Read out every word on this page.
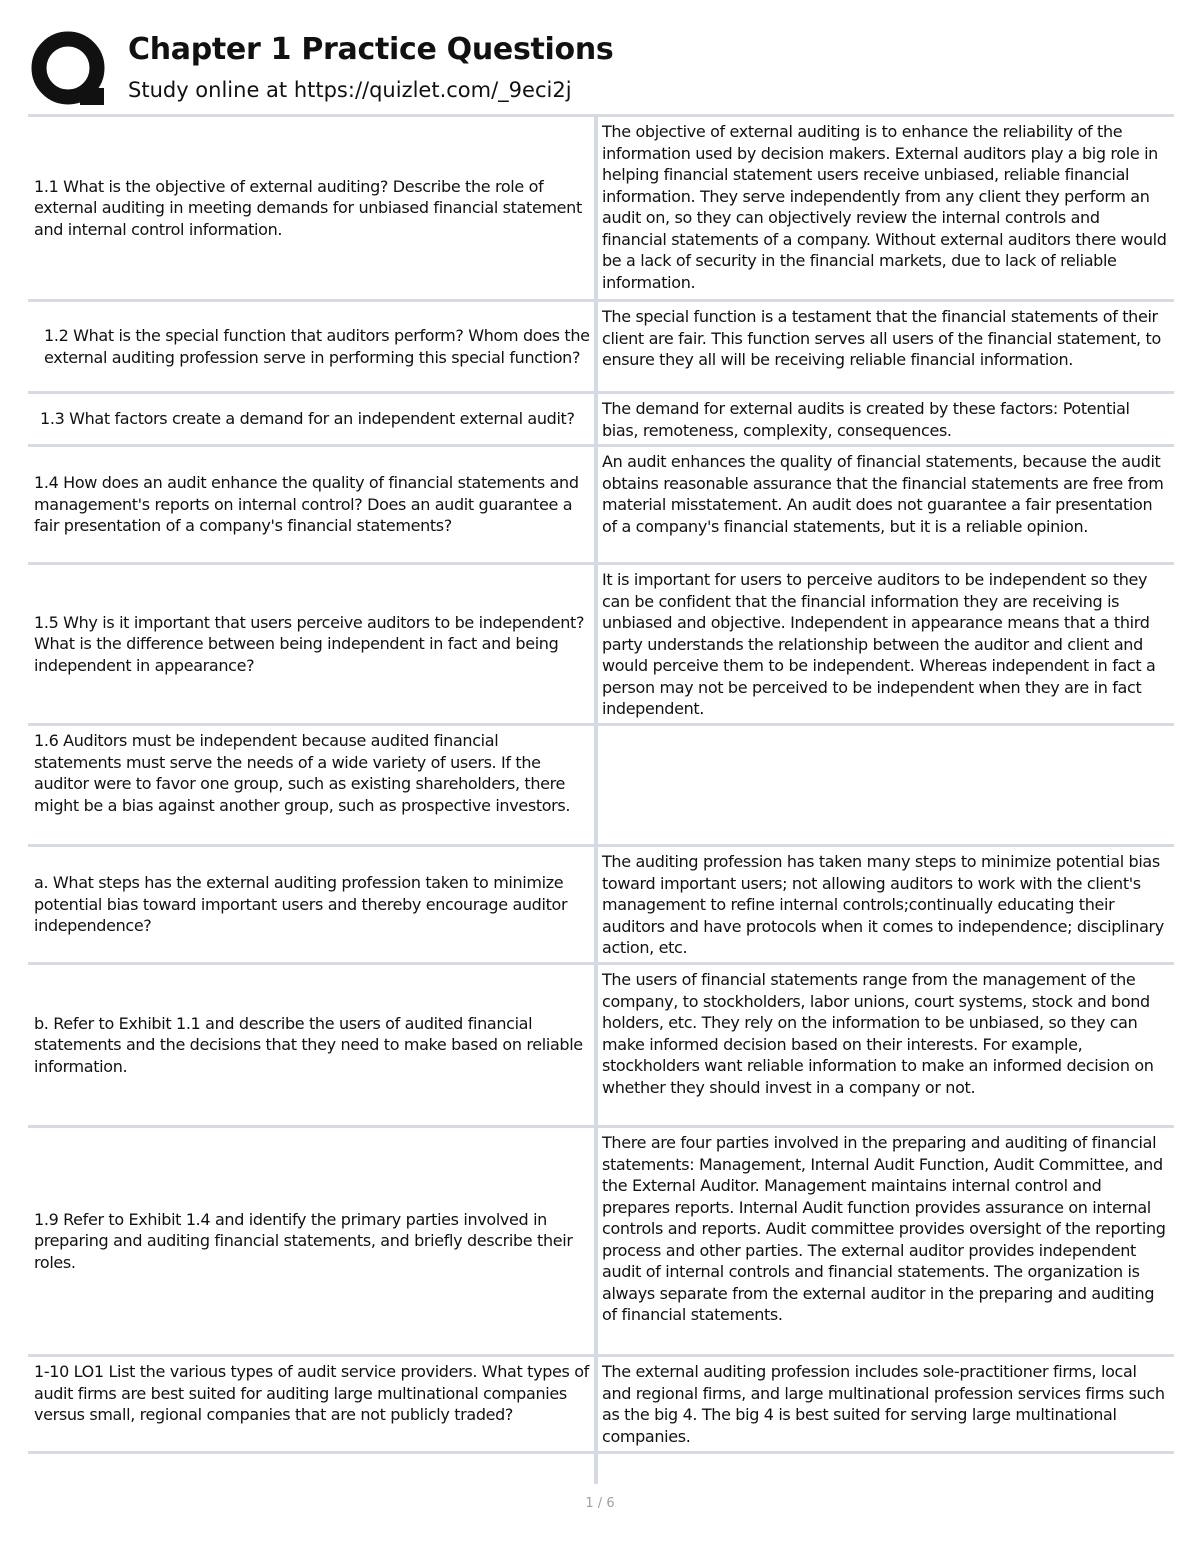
Chapter 1 Practice Questions
Study online at https://quizlet.com/_9eci2j
1.1 What is the objective of external auditing? Describe the role of external auditing in meeting demands for unbiased financial statement and internal control information.
The objective of external auditing is to enhance the reliability of the information used by decision makers. External auditors play a big role in helping financial statement users receive unbiased, reliable financial information. They serve independently from any client they perform an audit on, so they can objectively review the internal controls and financial statements of a company. Without external auditors there would be a lack of security in the financial markets, due to lack of reliable information.
1.2 What is the special function that auditors perform? Whom does the external auditing profession serve in performing this special function?
The special function is a testament that the financial statements of their client are fair. This function serves all users of the financial statement, to ensure they all will be receiving reliable financial information.
1.3 What factors create a demand for an independent external audit?
The demand for external audits is created by these factors: Potential bias, remoteness, complexity, consequences.
1.4 How does an audit enhance the quality of financial statements and management's reports on internal control? Does an audit guarantee a fair presentation of a company's financial statements?
An audit enhances the quality of financial statements, because the audit obtains reasonable assurance that the financial statements are free from material misstatement. An audit does not guarantee a fair presentation of a company's financial statements, but it is a reliable opinion.
1.5 Why is it important that users perceive auditors to be independent? What is the difference between being independent in fact and being independent in appearance?
It is important for users to perceive auditors to be independent so they can be confident that the financial information they are receiving is unbiased and objective. Independent in appearance means that a third party understands the relationship between the auditor and client and would perceive them to be independent. Whereas independent in fact a person may not be perceived to be independent when they are in fact independent.
1.6 Auditors must be independent because audited financial statements must serve the needs of a wide variety of users. If the auditor were to favor one group, such as existing shareholders, there might be a bias against another group, such as prospective investors.
a. What steps has the external auditing profession taken to minimize potential bias toward important users and thereby encourage auditor independence?
The auditing profession has taken many steps to minimize potential bias toward important users; not allowing auditors to work with the client's management to refine internal controls;continually educating their auditors and have protocols when it comes to independence; disciplinary action, etc.
b. Refer to Exhibit 1.1 and describe the users of audited financial statements and the decisions that they need to make based on reliable information.
The users of financial statements range from the management of the company, to stockholders, labor unions, court systems, stock and bond holders, etc. They rely on the information to be unbiased, so they can make informed decision based on their interests. For example, stockholders want reliable information to make an informed decision on whether they should invest in a company or not.
1.9 Refer to Exhibit 1.4 and identify the primary parties involved in preparing and auditing financial statements, and briefly describe their roles.
There are four parties involved in the preparing and auditing of financial statements: Management, Internal Audit Function, Audit Committee, and the External Auditor. Management maintains internal control and prepares reports. Internal Audit function provides assurance on internal controls and reports. Audit committee provides oversight of the reporting process and other parties. The external auditor provides independent audit of internal controls and financial statements. The organization is always separate from the external auditor in the preparing and auditing of financial statements.
1-10 LO1 List the various types of audit service providers. What types of audit firms are best suited for auditing large multinational companies versus small, regional companies that are not publicly traded?
The external auditing profession includes sole-practitioner firms, local and regional firms, and large multinational profession services firms such as the big 4. The big 4 is best suited for serving large multinational companies.
1 / 6
